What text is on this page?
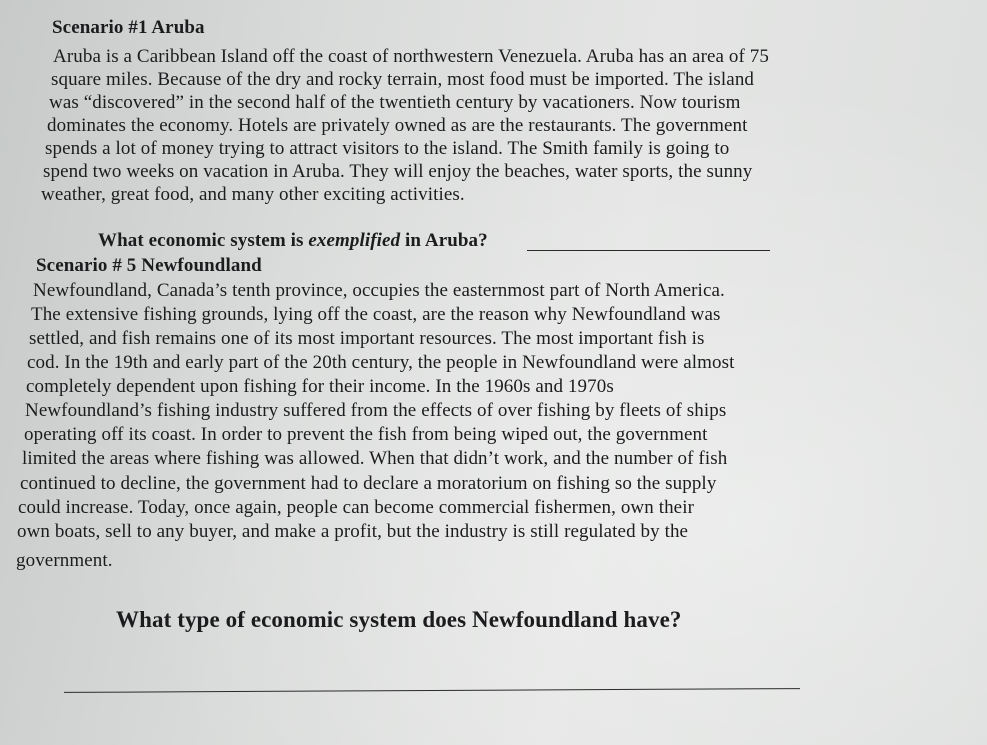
Scenario #1 Aruba
Aruba is a Caribbean Island off the coast of northwestern Venezuela. Aruba has an area of 75
square miles. Because of the dry and rocky terrain, most food must be imported. The island
was “discovered” in the second half of the twentieth century by vacationers. Now tourism
dominates the economy. Hotels are privately owned as are the restaurants. The government
spends a lot of money trying to attract visitors to the island. The Smith family is going to
spend two weeks on vacation in Aruba. They will enjoy the beaches, water sports, the sunny
weather, great food, and many other exciting activities.
What economic system is exemplified in Aruba?
Scenario # 5 Newfoundland
Newfoundland, Canada’s tenth province, occupies the easternmost part of North America.
The extensive fishing grounds, lying off the coast, are the reason why Newfoundland was
settled, and fish remains one of its most important resources. The most important fish is
cod. In the 19th and early part of the 20th century, the people in Newfoundland were almost
completely dependent upon fishing for their income. In the 1960s and 1970s
Newfoundland’s fishing industry suffered from the effects of over fishing by fleets of ships
operating off its coast. In order to prevent the fish from being wiped out, the government
limited the areas where fishing was allowed. When that didn’t work, and the number of fish
continued to decline, the government had to declare a moratorium on fishing so the supply
could increase. Today, once again, people can become commercial fishermen, own their
own boats, sell to any buyer, and make a profit, but the industry is still regulated by the
government.
What type of economic system does Newfoundland have?
